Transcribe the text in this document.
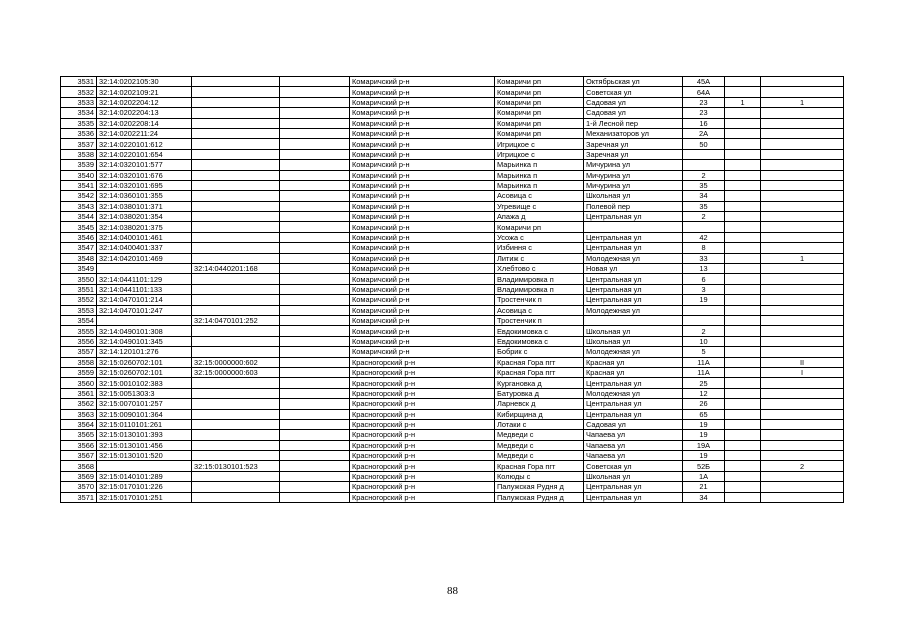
3531	32:14:0202105:30			Комаричский р-н	Комаричи рп	Октябрьская ул	45А		
3532	32:14:0202109:21			Комаричский р-н	Комаричи рп	Советская ул	64А		
3533	32:14:0202204:12			Комаричский р-н	Комаричи рп	Садовая ул	23	1	1
3534	32:14:0202204:13			Комаричский р-н	Комаричи рп	Садовая ул	23		
3535	32:14:0202208:14			Комаричский р-н	Комаричи рп	1-й Лесной пер	16		
3536	32:14:0202211:24			Комаричский р-н	Комаричи рп	Механизаторов ул	2А		
3537	32:14:0220101:612			Комаричский р-н	Игрицкое с	Заречная ул	50		
3538	32:14:0220101:654			Комаричский р-н	Игрицкое с	Заречная ул			
3539	32:14:0320101:577			Комаричский р-н	Марьинка п	Мичурина ул			
3540	32:14:0320101:676			Комаричский р-н	Марьинка п	Мичурина ул	2		
3541	32:14:0320101:695			Комаричский р-н	Марьинка п	Мичурина ул	35		
3542	32:14:0360101:355			Комаричский р-н	Асовица с	Школьная ул	34		
3543	32:14:0380101:371			Комаричский р-н	Угревище с	Полевой пер	35		
3544	32:14:0380201:354			Комаричский р-н	Апажа д	Центральная ул	2		
3545	32:14:0380201:375			Комаричский р-н	Комаричи рп				
3546	32:14:0400101:461			Комаричский р-н	Усожа с	Центральная ул	42		
3547	32:14:0400401:337			Комаричский р-н	Избиння с	Центральная ул	8		
3548	32:14:0420101:469			Комаричский р-н	Литиж с	Молодежная ул	33		1
3549		32:14:0440201:168		Комаричский р-н	Хлебтово с	Новая ул	13		
3550	32:14:0441101:129			Комаричский р-н	Владимировка п	Центральная ул	6		
3551	32:14:0441101:133			Комаричский р-н	Владимировка п	Центральная ул	3		
3552	32:14:0470101:214			Комаричский р-н	Тростенчик п	Центральная ул	19		
3553	32:14:0470101:247			Комаричский р-н	Асовица с	Молодежная ул			
3554		32:14:0470101:252		Комаричский р-н	Тростенчик п				
3555	32:14:0490101:308			Комаричский р-н	Евдокимовка с	Школьная ул	2		
3556	32:14:0490101:345			Комаричский р-н	Евдокимовка с	Школьная ул	10		
3557	32:14:120101:276			Комаричский р-н	Бобрик с	Молодежная ул	5		
3558	32:15:0260702:101	32:15:0000000:602		Красногорский р-н	Красная Гора пгт	Красная ул	11А		II
3559	32:15:0260702:101	32:15:0000000:603		Красногорский р-н	Красная Гора пгт	Красная ул	11А		I
3560	32:15:0010102:383			Красногорский р-н	Кургановка д	Центральная ул	25		
3561	32:15:0051303:3			Красногорский р-н	Батуровка д	Молодежная ул	12		
3562	32:15:0070101:257			Красногорский р-н	Ларневск д	Центральная ул	26		
3563	32:15:0090101:364			Красногорский р-н	Кибирщина д	Центральная ул	65		
3564	32:15:0110101:261			Красногорский р-н	Лотаки с	Садовая ул	19		
3565	32:15:0130101:393			Красногорский р-н	Медведи с	Чапаева ул	19		
3566	32:15:0130101:456			Красногорский р-н	Медведи с	Чапаева ул	19А		
3567	32:15:0130101:520			Красногорский р-н	Медведи с	Чапаева ул	19		
3568		32:15:0130101:523		Красногорский р-н	Красная Гора пгт	Советская ул	52Б		2
3569	32:15:0140101:289			Красногорский р-н	Колюды с	Школьная ул	1А		
3570	32:15:0170101:226			Красногорский р-н	Палужская Рудня д	Центральная ул	21		
3571	32:15:0170101:251			Красногорский р-н	Палужская Рудня д	Центральная ул	34		
88
